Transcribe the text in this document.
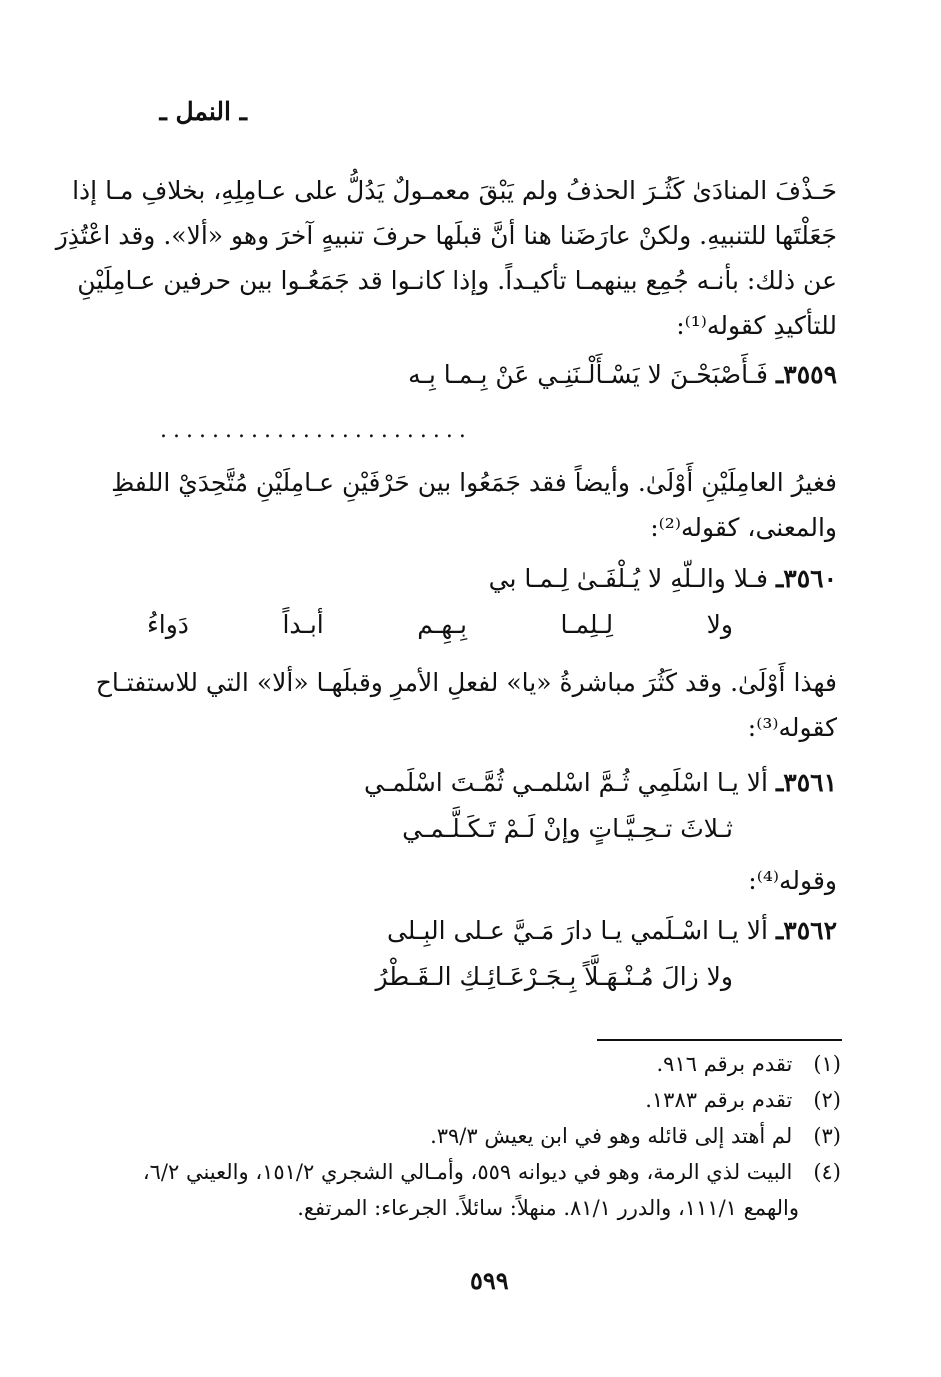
ـ النمل ـ
حَـذْفَ المنادَىٰ كَثُـرَ الحذفُ ولم يَبْقَ معمـولٌ يَدُلُّ على عـامِلِهِ، بخلافِ مـا إذا
جَعَلْتَها للتنبيهِ. ولكنْ عارَضَنا هنا أنَّ قبلَها حرفَ تنبيهٍ آخرَ وهو «ألا». وقد اعْتُذِرَ
عن ذلك: بأنـه جُمِع بينهمـا تأكيـداً. وإذا كانـوا قد جَمَعُـوا بين حرفين عـامِلَيْنِ
للتأكيدِ كقوله⁽¹⁾:
٣٥٥٩ـ فَـأَصْبَحْـنَ لا يَسْـأَلْـنَنِـي عَنْ بِـمـا بِـه
........................
فغيرُ العامِلَيْنِ أَوْلَىٰ. وأيضاً فقد جَمَعُوا بين حَرْفَيْنِ عـامِلَيْنِ مُتَّحِدَيْ اللفظِ
والمعنى، كقوله⁽²⁾:
٣٥٦٠ـ فـلا والـلّهِ لا يُـلْفَـىٰ لِـمـا بي
ولا
لِـلِمـا
بِـهِـم
أبـداً
دَواءُ
فهذا أَوْلَىٰ. وقد كَثُرَ مباشرةُ «يا» لفعلِ الأمرِ وقبلَهـا «ألا» التي للاستفتـاح
كقوله⁽³⁾:
٣٥٦١ـ ألا يـا اسْلَمِي ثُـمَّ اسْلمـي ثُمَّـتَ اسْلَمـي
ثـلاثَ تـحِـيَّـاتٍ وإنْ لَـمْ تَـكَـلَّـمـي
وقوله⁽⁴⁾:
٣٥٦٢ـ ألا يـا اسْـلَمي يـا دارَ مَـيَّ عـلى البِـلى
ولا زالَ مُـنْـهَـلَّاً بِـجَـرْعَـائِـكِ الـقَـطْرُ
(١) تقدم برقم ٩١٦.
(٢) تقدم برقم ١٣٨٣.
(٣) لم أهتد إلى قائله وهو في ابن يعيش ٣٩/٣.
(٤) البيت لذي الرمة، وهو في ديوانه ٥٥٩، وأمـالي الشجري ١٥١/٢، والعيني ٦/٢،
والهمع ١١١/١، والدرر ٨١/١. منهلاً: سائلاً. الجرعاء: المرتفع.
٥٩٩
